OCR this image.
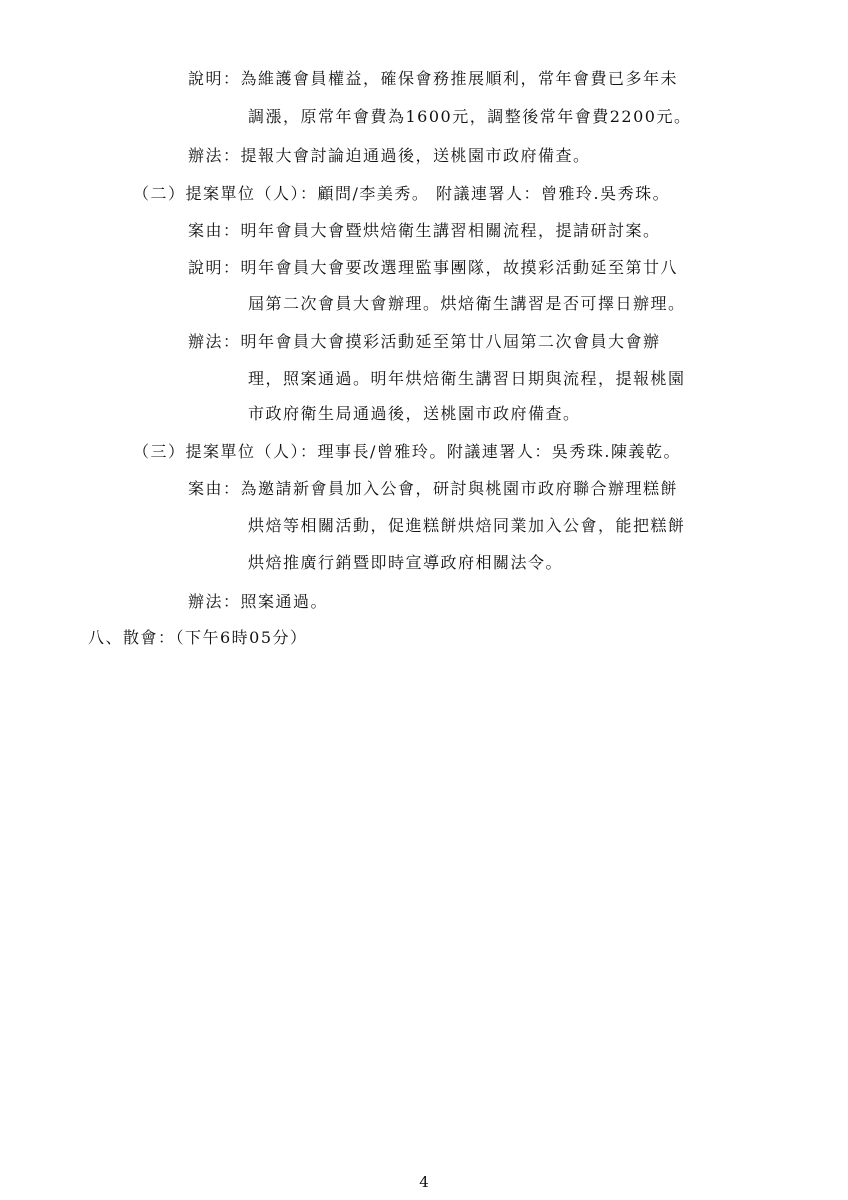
說明：為維護會員權益，確保會務推展順利，常年會費已多年未
調漲，原常年會費為1600元，調整後常年會費2200元。
辦法：提報大會討論迫通過後，送桃園市政府備查。
（二）提案單位（人）：顧問/李美秀。 附議連署人：曾雅玲.吳秀珠。
案由：明年會員大會暨烘焙衛生講習相關流程，提請研討案。
說明：明年會員大會要改選理監事團隊，故摸彩活動延至第廿八
屆第二次會員大會辦理。烘焙衛生講習是否可擇日辦理。
辦法：明年會員大會摸彩活動延至第廿八屆第二次會員大會辦
理，照案通過。明年烘焙衛生講習日期與流程，提報桃園
市政府衛生局通過後，送桃園市政府備查。
（三）提案單位（人）：理事長/曾雅玲。附議連署人：吳秀珠.陳義乾。
案由：為邀請新會員加入公會，研討與桃園市政府聯合辦理糕餅
烘焙等相關活動，促進糕餅烘焙同業加入公會，能把糕餅
烘焙推廣行銷暨即時宣導政府相關法令。
辦法：照案通過。
八、散會：（下午6時05分）
4
